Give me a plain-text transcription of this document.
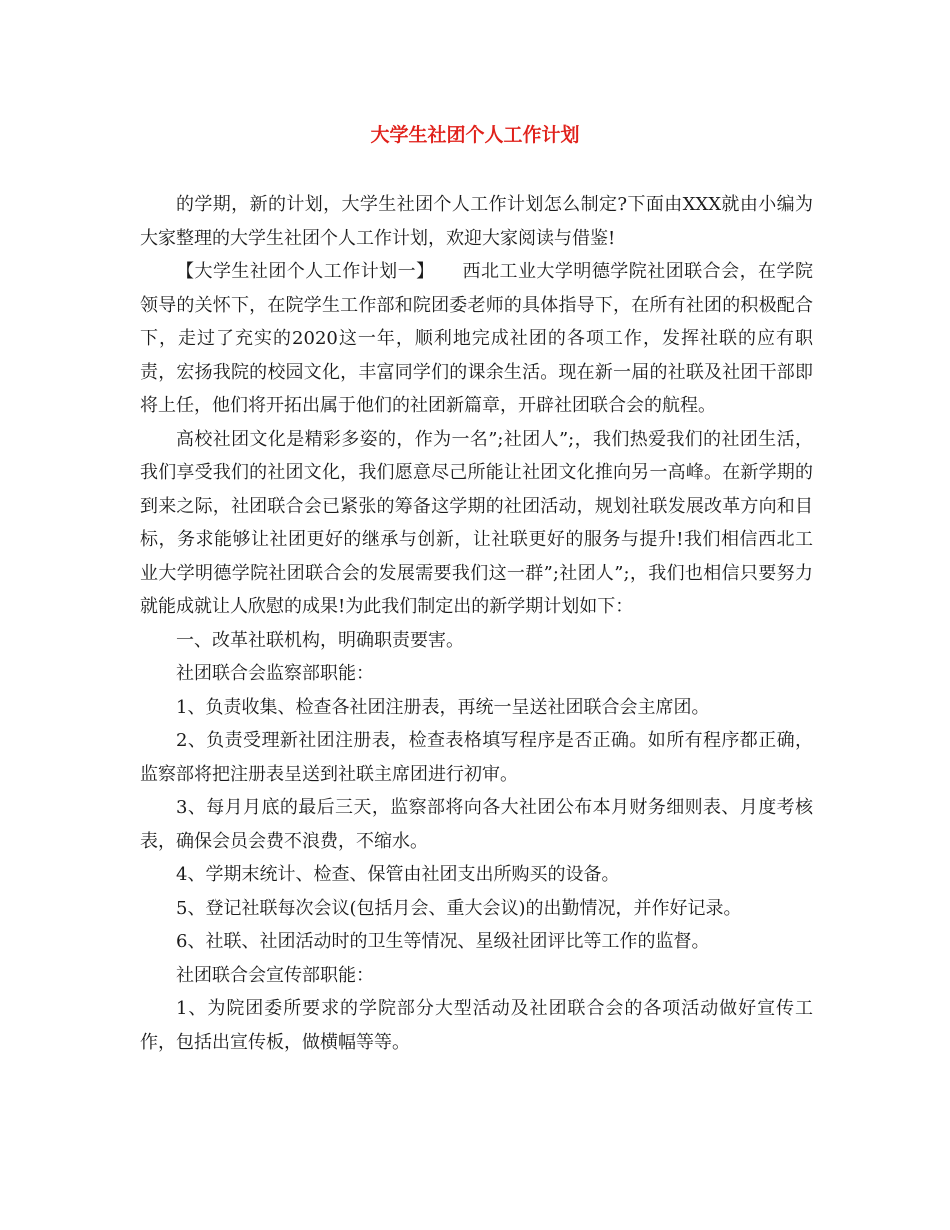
大学生社团个人工作计划

的学期，新的计划，大学生社团个人工作计划怎么制定?下面由XXX就由小编为大家整理的大学生社团个人工作计划，欢迎大家阅读与借鉴!

【大学生社团个人工作计划一】　　西北工业大学明德学院社团联合会，在学院领导的关怀下，在院学生工作部和院团委老师的具体指导下，在所有社团的积极配合下，走过了充实的2020这一年，顺利地完成社团的各项工作，发挥社联的应有职责，宏扬我院的校园文化，丰富同学们的课余生活。现在新一届的社联及社团干部即将上任，他们将开拓出属于他们的社团新篇章，开辟社团联合会的航程。

高校社团文化是精彩多姿的，作为一名”;社团人”;，我们热爱我们的社团生活，我们享受我们的社团文化，我们愿意尽己所能让社团文化推向另一高峰。在新学期的到来之际，社团联合会已紧张的筹备这学期的社团活动，规划社联发展改革方向和目标，务求能够让社团更好的继承与创新，让社联更好的服务与提升!我们相信西北工业大学明德学院社团联合会的发展需要我们这一群”;社团人”;，我们也相信只要努力就能成就让人欣慰的成果!为此我们制定出的新学期计划如下：

一、改革社联机构，明确职责要害。

社团联合会监察部职能：

1、负责收集、检查各社团注册表，再统一呈送社团联合会主席团。

2、负责受理新社团注册表，检查表格填写程序是否正确。如所有程序都正确，监察部将把注册表呈送到社联主席团进行初审。

3、每月月底的最后三天，监察部将向各大社团公布本月财务细则表、月度考核表，确保会员会费不浪费，不缩水。

4、学期末统计、检查、保管由社团支出所购买的设备。

5、登记社联每次会议(包括月会、重大会议)的出勤情况，并作好记录。

6、社联、社团活动时的卫生等情况、星级社团评比等工作的监督。

社团联合会宣传部职能：

1、为院团委所要求的学院部分大型活动及社团联合会的各项活动做好宣传工作，包括出宣传板，做横幅等等。
